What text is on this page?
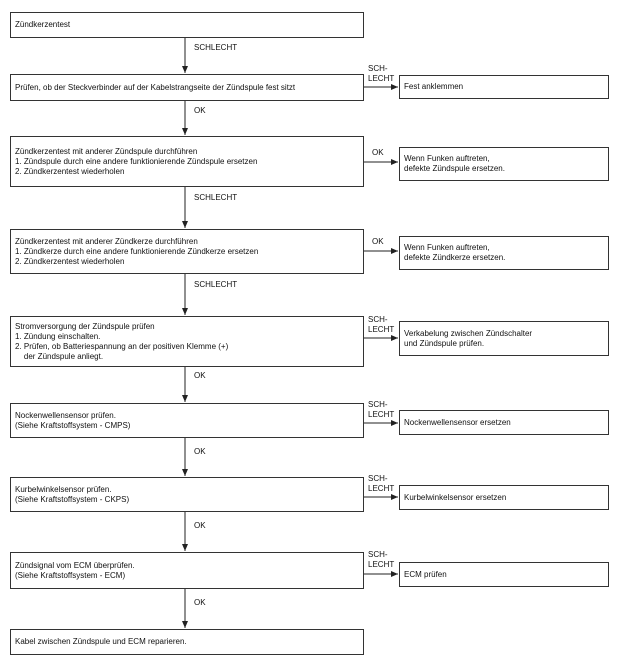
Zündkerzentest
Prüfen, ob der Steckverbinder auf der Kabelstrangseite der Zündspule fest sitzt
Zündkerzentest mit anderer Zündspule durchführen
1. Zündspule durch eine andere funktionierende Zündspule ersetzen
2. Zündkerzentest wiederholen
Zündkerzentest mit anderer Zündkerze durchführen
1. Zündkerze durch eine andere funktionierende Zündkerze ersetzen
2. Zündkerzentest wiederholen
Stromversorgung der Zündspule prüfen
1. Zündung einschalten.
2. Prüfen, ob Batteriespannung an der positiven Klemme (+)
der Zündspule anliegt.
Nockenwellensensor prüfen.
(Siehe Kraftstoffsystem - CMPS)
Kurbelwinkelsensor prüfen.
(Siehe Kraftstoffsystem - CKPS)
Zündsignal vom ECM überprüfen.
(Siehe Kraftstoffsystem - ECM)
Kabel zwischen Zündspule und ECM reparieren.
Fest anklemmen
Wenn Funken auftreten,
defekte Zündspule ersetzen.
Wenn Funken auftreten,
defekte Zündkerze ersetzen.
Verkabelung zwischen Zündschalter
und Zündspule prüfen.
Nockenwellensensor ersetzen
Kurbelwinkelsensor ersetzen
ECM prüfen
SCHLECHT
OK
SCHLECHT
SCHLECHT
OK
OK
OK
OK
SCH-
LECHT
OK
OK
SCH-
LECHT
SCH-
LECHT
SCH-
LECHT
SCH-
LECHT
